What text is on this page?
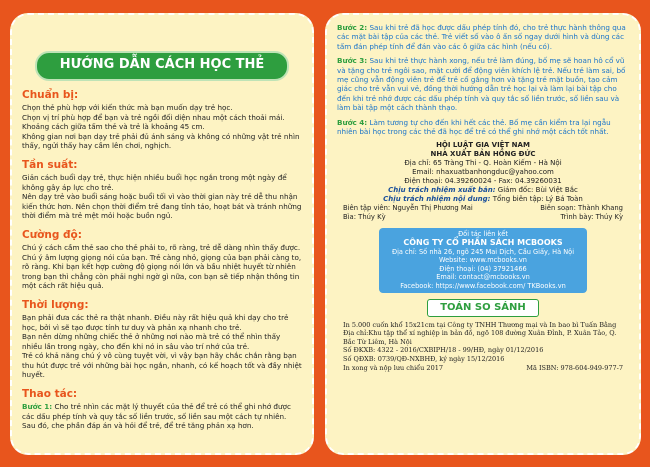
HƯỚNG DẪN CÁCH HỌC THẺ
Chuẩn bị:

Chọn thẻ phù hợp với kiến thức mà bạn muốn dạy trẻ học.

Chọn vị trí phù hợp để bạn và trẻ ngồi đối diện nhau một cách thoải mái. Khoảng cách giữa tấm thẻ và trẻ là khoảng 45 cm.

Không gian nơi bạn dạy trẻ phải đủ ánh sáng và không có những vật trẻ nhìn thấy, ngửi thấy hay cầm lên chơi, nghịch.

Tần suất:

Giản cách buổi dạy trẻ, thực hiện nhiều buổi học ngắn trong một ngày để không gây áp lực cho trẻ.

Nên dạy trẻ vào buổi sáng hoặc buổi tối vì vào thời gian này trẻ dễ thu nhận kiến thức hơn. Nên chọn thời điểm trẻ đang tỉnh táo, hoạt bát và tránh những thời điểm mà trẻ mệt mỏi hoặc buồn ngủ.

Cường độ:

Chú ý cách cầm thẻ sao cho thẻ phải to, rõ ràng, trẻ dễ dàng nhìn thấy được.

Chú ý âm lượng giọng nói của bạn. Trẻ càng nhỏ, giọng của bạn phải càng to, rõ ràng. Khi bạn kết hợp cường độ giọng nói lớn và bầu nhiệt huyết từ nhiên trong bạn thì chẳng còn phải nghi ngờ gì nữa, con bạn sẽ tiếp nhận thông tin một cách rất hiệu quả.

Thời lượng:

Bạn phải đưa các thẻ ra thật nhanh. Điều này rất hiệu quả khi dạy cho trẻ học, bởi vì sẽ tạo được tính tư duy và phản xạ nhanh cho trẻ.

Bạn nên dừng những chiếc thẻ ở những nơi nào mà trẻ có thể nhìn thấy nhiều lần trong ngày, cho đến khi nó in sâu vào trí nhớ của trẻ.

Trẻ có khả năng chú ý vô cùng tuyệt vời, vì vậy bạn hãy chắc chắn rằng bạn thu hút được trẻ với những bài học ngắn, nhanh, có kế hoạch tốt và đầy nhiệt huyết.

Thao tác:

Bước 1: Cho trẻ nhìn các mặt lý thuyết của thẻ để trẻ có thể ghi nhớ được các dấu phép tính và quy tắc số liền trước, số liền sau một cách tự nhiên. Sau đó, che phần đáp án và hỏi để trẻ, để trẻ tăng phản xạ hơn.

Bước 2: Sau khi trẻ đã học được dấu phép tính đó, cho trẻ thực hành thông qua các mặt bài tập của các thẻ. Trẻ viết số vào ô ấn số ngay dưới hình và dùng các tấm đán phép tính để đán vào các ô giữa các hình (nếu có).

Bước 3: Sau khi trẻ thực hành xong, nếu trẻ làm đúng, bố mẹ sẽ hoan hô cổ vũ và tặng cho trẻ ngôi sao, mặt cười để động viên khích lệ trẻ. Nếu trẻ làm sai, bố mẹ cũng vẫn động viên trẻ để trẻ cố gắng hơn và tặng trẻ mặt buồn, tạo cảm giác cho trẻ vẫn vui vẻ, đồng thời hướng dẫn trẻ học lại và làm lại bài tập cho đến khi trẻ nhớ được các dấu phép tính và quy tắc số liền trước, số liền sau và làm bài tập một cách thành thạo.

Bước 4: Làm tương tự cho đến khi hết các thẻ. Bố mẹ cần kiểm tra lại ngẫu nhiên bài học trong các thẻ đã học để trẻ có thể ghi nhớ một cách tốt nhất.

HỘI LUẬT GIA VIỆT NAM
NHÀ XUẤT BẢN HỒNG ĐỨC
Địa chỉ: 65 Tràng Thi - Q. Hoàn Kiếm - Hà Nội
Email: nhaxuatbanhongduc@yahoo.com
Điện thoại: 04.39260024 - Fax: 04.39260031
Chịu trách nhiệm xuất bản: Giám đốc: Bùi Việt Bắc
Chịu trách nhiệm nội dung: Tổng biên tập: Lý Bá Toàn
Biên tập viên: Nguyễn Thị Phương Mai	Biên soạn: Thành Khang
Bìa: Thúy Kỳ	Trình bày: Thúy Kỳ
Đối tác liên kết
CÔNG TY CỔ PHẦN SÁCH MCBOOKS
Địa chỉ: Số nhà 26, ngõ 245 Mai Dịch, Cầu Giấy, Hà Nội
Website: www.mcbooks.vn
Điện thoại: (04) 37921466
Email: contact@mcbooks.vn
Facebook: https://www.facebook.com/ TKBooks.vn
TOÁN SO SÁNH
In 5.000 cuốn khổ 15x21cm tại Công ty TNHH Thương mại và In bao bì Tuấn Bằng
Địa chỉ:Khu tập thể xí nghiệp in bản đồ, ngõ 108 đường Xuân Đỉnh, P. Xuân Tảo, Q. Bắc Từ Liêm, Hà Nội
Số ĐKXB: 4322 - 2016/CXBIPH/18 - 99/HĐ, ngày 01/12/2016
Số QĐXB: 0739/QĐ-NXBHĐ, ký ngày 15/12/2016
In xong và nộp lưu chiểu 2017	Mã ISBN: 978-604-949-977-7
